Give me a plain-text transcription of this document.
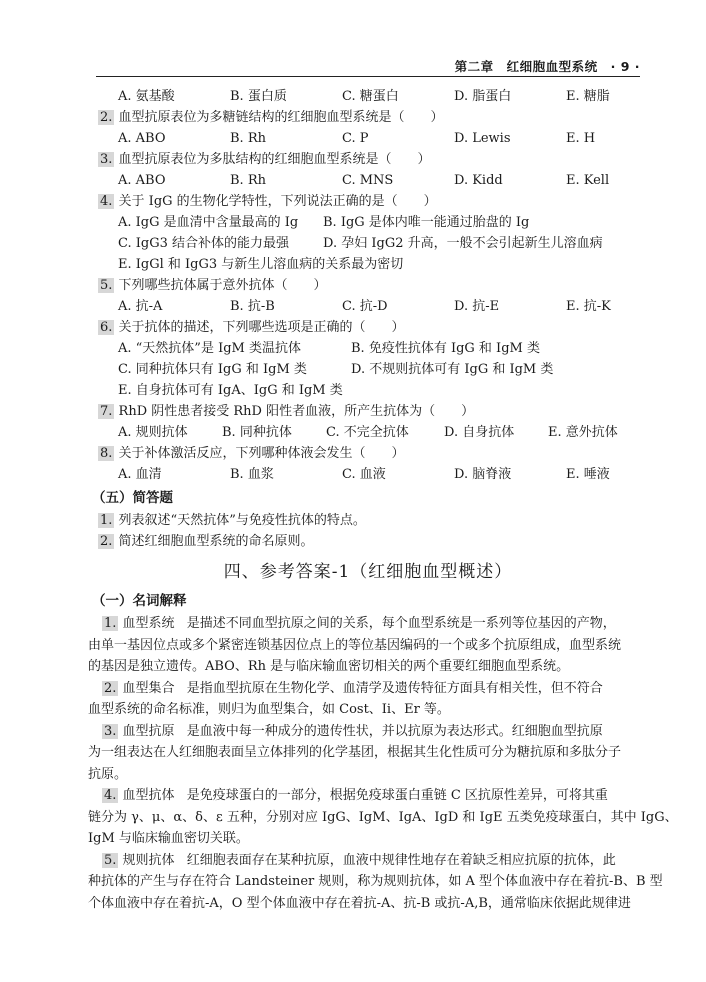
第二章　红细胞血型系统　· 9 ·
A. 氨基酸	B. 蛋白质	C. 糖蛋白	D. 脂蛋白	E. 糖脂
2. 血型抗原表位为多糖链结构的红细胞血型系统是（　　）
A. ABO	B. Rh	C. P	D. Lewis	E. H
3. 血型抗原表位为多肽结构的红细胞血型系统是（　　）
A. ABO	B. Rh	C. MNS	D. Kidd	E. Kell
4. 关于 IgG 的生物化学特性，下列说法正确的是（　　）
A. IgG 是血清中含量最高的 Ig	B. IgG 是体内唯一能通过胎盘的 Ig
C. IgG3 结合补体的能力最强	D. 孕妇 IgG2 升高，一般不会引起新生儿溶血病
E. IgGl 和 IgG3 与新生儿溶血病的关系最为密切
5. 下列哪些抗体属于意外抗体（　　）
A. 抗-A	B. 抗-B	C. 抗-D	D. 抗-E	E. 抗-K
6. 关于抗体的描述，下列哪些选项是正确的（　　）
A. “天然抗体”是 IgM 类温抗体	B. 免疫性抗体有 IgG 和 IgM 类
C. 同种抗体只有 IgG 和 IgM 类	D. 不规则抗体可有 IgG 和 IgM 类
E. 自身抗体可有 IgA、IgG 和 IgM 类
7. RhD 阴性患者接受 RhD 阳性者血液，所产生抗体为（　　）
A. 规则抗体	B. 同种抗体	C. 不完全抗体	D. 自身抗体	E. 意外抗体
8. 关于补体激活反应，下列哪种体液会发生（　　）
A. 血清	B. 血浆	C. 血液	D. 脑脊液	E. 唾液
（五）简答题
1. 列表叙述“天然抗体”与免疫性抗体的特点。
2. 简述红细胞血型系统的命名原则。
四、参考答案-1（红细胞血型概述）
（一）名词解释
1. 血型系统 是描述不同血型抗原之间的关系，每个血型系统是一系列等位基因的产物，
由单一基因位点或多个紧密连锁基因位点上的等位基因编码的一个或多个抗原组成，血型系统
的基因是独立遗传。ABO、Rh 是与临床输血密切相关的两个重要红细胞血型系统。
2. 血型集合 是指血型抗原在生物化学、血清学及遗传特征方面具有相关性，但不符合
血型系统的命名标准，则归为血型集合，如 Cost、Ii、Er 等。
3. 血型抗原 是血液中每一种成分的遗传性状，并以抗原为表达形式。红细胞血型抗原
为一组表达在人红细胞表面呈立体排列的化学基团，根据其生化性质可分为糖抗原和多肽分子
抗原。
4. 血型抗体 是免疫球蛋白的一部分，根据免疫球蛋白重链 C 区抗原性差异，可将其重
链分为 γ、μ、α、δ、ε 五种，分别对应 IgG、IgM、IgA、IgD 和 IgE 五类免疫球蛋白，其中 IgG、
IgM 与临床输血密切关联。
5. 规则抗体 红细胞表面存在某种抗原，血液中规律性地存在着缺乏相应抗原的抗体，此
种抗体的产生与存在符合 Landsteiner 规则，称为规则抗体，如 A 型个体血液中存在着抗-B、B 型
个体血液中存在着抗-A，O 型个体血液中存在着抗-A、抗-B 或抗-A,B，通常临床依据此规律进
